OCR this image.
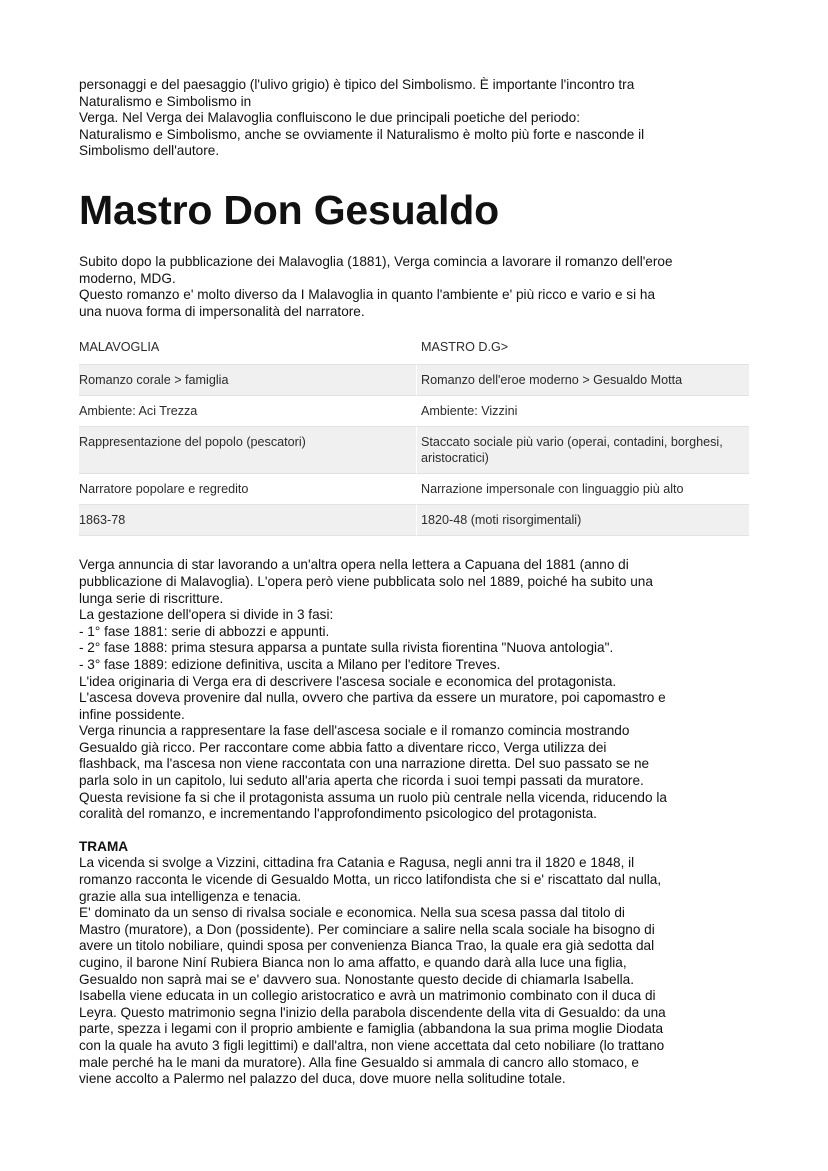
personaggi e del paesaggio (l'ulivo grigio) è tipico del Simbolismo. È importante l'incontro tra
Naturalismo e Simbolismo in
Verga. Nel Verga dei Malavoglia confluiscono le due principali poetiche del periodo:
Naturalismo e Simbolismo, anche se ovviamente il Naturalismo è molto più forte e nasconde il
Simbolismo dell'autore.

Mastro Don Gesualdo

Subito dopo la pubblicazione dei Malavoglia (1881), Verga comincia a lavorare il romanzo dell'eroe
moderno, MDG.
Questo romanzo e' molto diverso da I Malavoglia in quanto l'ambiente e' più ricco e vario e si ha
una nuova forma di impersonalità del narratore.

MALAVOGLIA	MASTRO D.G>
Romanzo corale > famiglia	Romanzo dell'eroe moderno > Gesualdo Motta
Ambiente: Aci Trezza	Ambiente: Vizzini
Rappresentazione del popolo (pescatori)	Staccato sociale più vario (operai, contadini, borghesi, aristocratici)
Narratore popolare e regredito	Narrazione impersonale con linguaggio più alto
1863-78	1820-48 (moti risorgimentali)

Verga annuncia di star lavorando a un'altra opera nella lettera a Capuana del 1881 (anno di
pubblicazione di Malavoglia). L'opera però viene pubblicata solo nel 1889, poiché ha subito una
lunga serie di riscritture.
La gestazione dell'opera si divide in 3 fasi:
- 1° fase 1881: serie di abbozzi e appunti.
- 2° fase 1888: prima stesura apparsa a puntate sulla rivista fiorentina "Nuova antologia".
- 3° fase 1889: edizione definitiva, uscita a Milano per l'editore Treves.
L'idea originaria di Verga era di descrivere l'ascesa sociale e economica del protagonista.
L'ascesa doveva provenire dal nulla, ovvero che partiva da essere un muratore, poi capomastro e
infine possidente.
Verga rinuncia a rappresentare la fase dell'ascesa sociale e il romanzo comincia mostrando
Gesualdo già ricco. Per raccontare come abbia fatto a diventare ricco, Verga utilizza dei
flashback, ma l'ascesa non viene raccontata con una narrazione diretta. Del suo passato se ne
parla solo in un capitolo, lui seduto all'aria aperta che ricorda i suoi tempi passati da muratore.
Questa revisione fa si che il protagonista assuma un ruolo più centrale nella vicenda, riducendo la
coralità del romanzo, e incrementando l'approfondimento psicologico del protagonista.

TRAMA

La vicenda si svolge a Vizzini, cittadina fra Catania e Ragusa, negli anni tra il 1820 e 1848, il
romanzo racconta le vicende di Gesualdo Motta, un ricco latifondista che si e' riscattato dal nulla,
grazie alla sua intelligenza e tenacia.
E' dominato da un senso di rivalsa sociale e economica. Nella sua scesa passa dal titolo di
Mastro (muratore), a Don (possidente). Per cominciare a salire nella scala sociale ha bisogno di
avere un titolo nobiliare, quindi sposa per convenienza Bianca Trao, la quale era già sedotta dal
cugino, il barone Niní Rubiera Bianca non lo ama affatto, e quando darà alla luce una figlia,
Gesualdo non saprà mai se e' davvero sua. Nonostante questo decide di chiamarla Isabella.
Isabella viene educata in un collegio aristocratico e avrà un matrimonio combinato con il duca di
Leyra. Questo matrimonio segna l'inizio della parabola discendente della vita di Gesualdo: da una
parte, spezza i legami con il proprio ambiente e famiglia (abbandona la sua prima moglie Diodata
con la quale ha avuto 3 figli legittimi) e dall'altra, non viene accettata dal ceto nobiliare (lo trattano
male perché ha le mani da muratore). Alla fine Gesualdo si ammala di cancro allo stomaco, e
viene accolto a Palermo nel palazzo del duca, dove muore nella solitudine totale.
